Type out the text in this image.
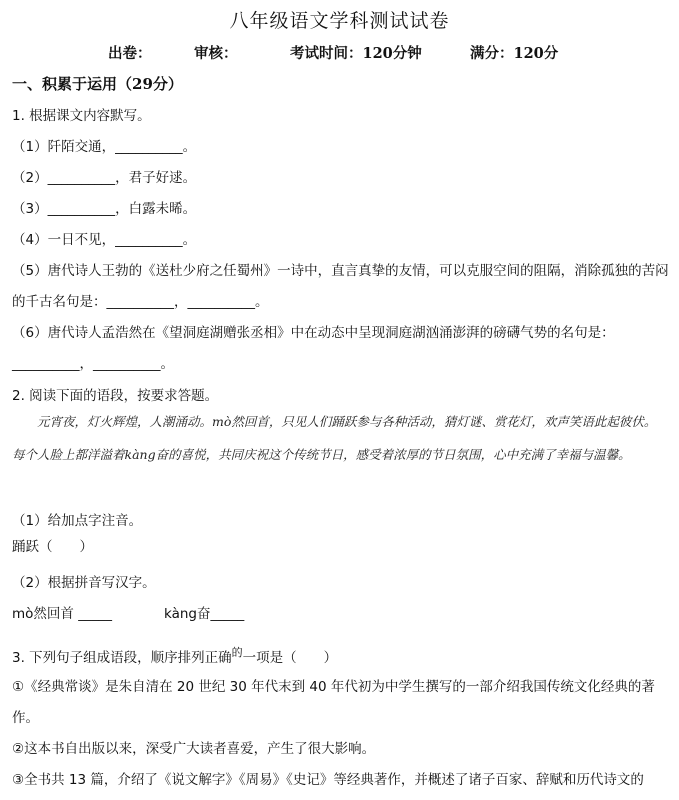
八年级语文学科测试试卷
出卷：	审核：	考试时间：120分钟	满分：120分
一、积累于运用（29分）
1. 根据课文内容默写。
（1）阡陌交通，__________。
（2）__________，君子好逑。
（3）__________，白露未晞。
（4）一日不见，__________。
（5）唐代诗人王勃的《送杜少府之任蜀州》一诗中，直言真挚的友情，可以克服空间的阻隔，消除孤独的苦闷的千古名句是：__________，__________。
（6）唐代诗人孟浩然在《望洞庭湖赠张丞相》中在动态中呈现洞庭湖汹涌澎湃的磅礴气势的名句是：
__________，__________。
2. 阅读下面的语段，按要求答题。
元宵夜，灯火辉煌，人潮涌动。mò然回首，只见人们踊跃参与各种活动，猜灯谜、赏花灯，欢声笑语此起彼伏。每个人脸上都洋溢着kàng奋的喜悦，共同庆祝这个传统节日，感受着浓厚的节日氛围，心中充满了幸福与温馨。
（1）给加点字注音。
踊跃（　　）
（2）根据拼音写汉字。
mò然回首 _____	kàng奋_____
3. 下列句子组成语段，顺序排列正确$^的$一项是（　　）
①《经典常谈》是朱自清在 20 世纪 30 年代末到 40 年代初为中学生撰写的一部介绍我国传统文化经典的著作。
②这本书自出版以来，深受广大读者喜爱，产生了很大影响。
③全书共 13 篇，介绍了《说文解字》《周易》《史记》等经典著作，并概述了诸子百家、辞赋和历代诗文的
